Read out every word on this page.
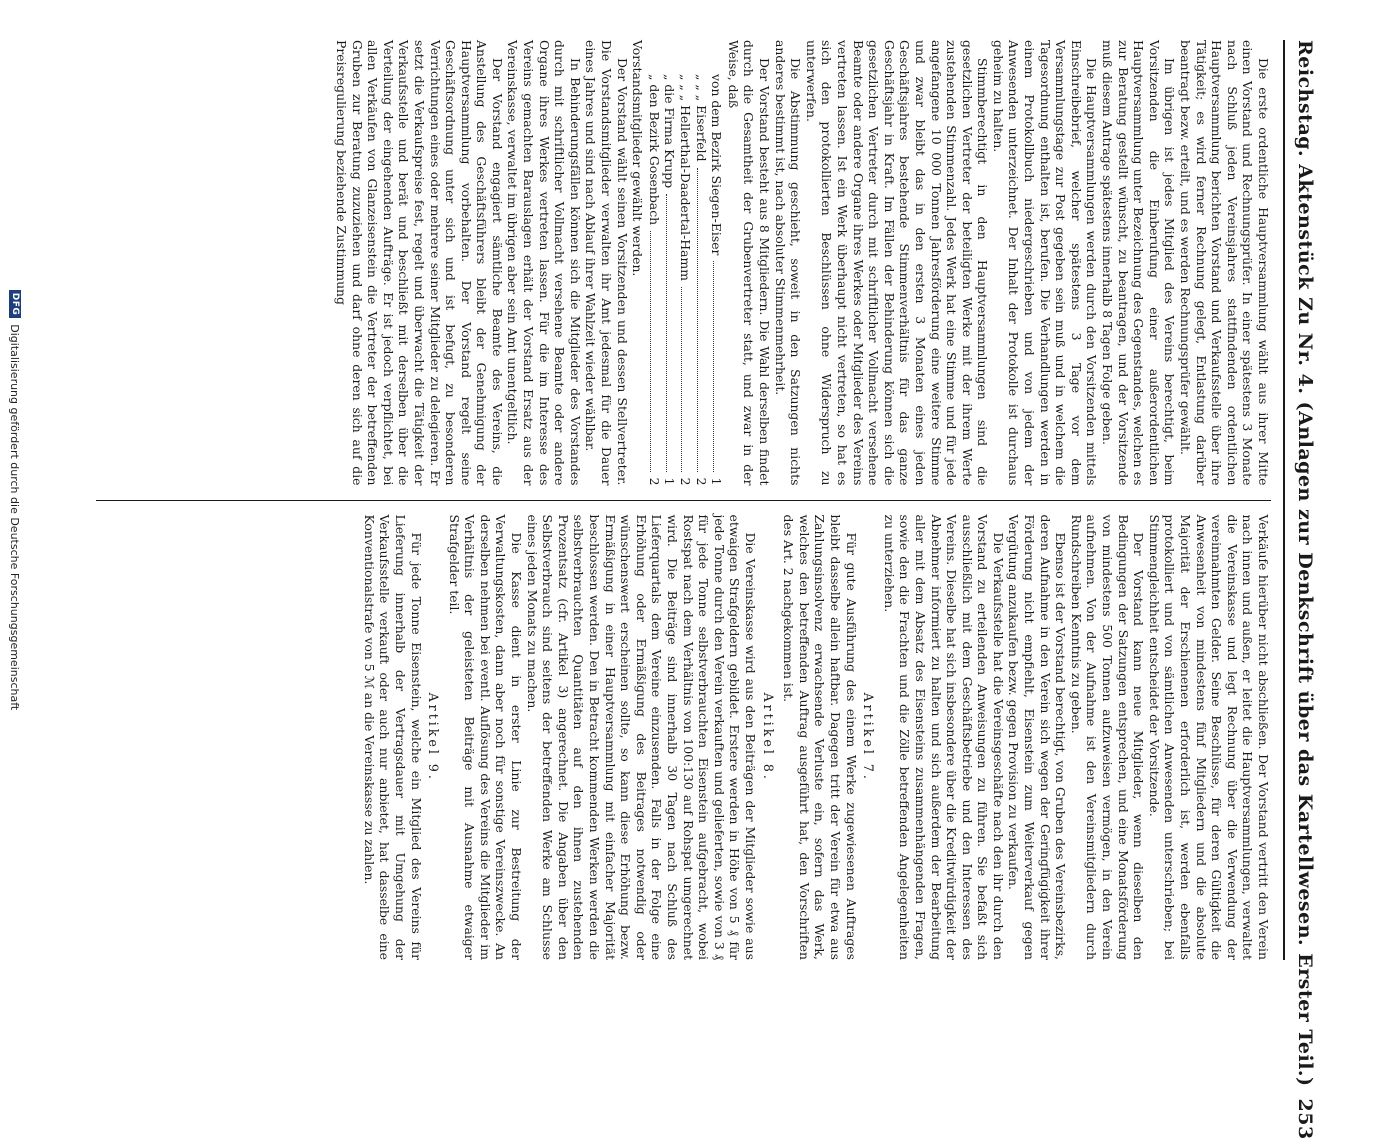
Reichstag. Aktenstück Zu Nr. 4. (Anlagen zur Denkschrift über das Kartellwesen. Erster Teil.)
253

Die erste ordentliche Hauptversammlung wählt aus ihrer Mitte einen Vorstand und Rechnungsprüfer. In einer spätestens 3 Monate nach Schluß jeden Vereinsjahres stattfindenden ordentlichen Hauptversammlung berichten Vorstand und Verkaufsstelle über ihre Tätigkeit; es wird ferner Rechnung gelegt, Entlastung darüber beantragt bezw. erteilt, und es werden Rechnungsprüfer gewählt.

Im übrigen ist jedes Mitglied des Vereins berechtigt, beim Vorsitzenden die Einberufung einer außerordentlichen Hauptversammlung unter Bezeichnung des Gegenstandes, welchen es zur Beratung gestellt wünscht, zu beantragen, und der Vorsitzende muß diesem Antrage spätestens innerhalb 8 Tagen Folge geben.

Die Hauptversammlungen werden durch den Vorsitzenden mittels Einschreibebrief, welcher spätestens 3 Tage vor dem Versammlungstage zur Post gegeben sein muß und in welchem die Tagesordnung enthalten ist, berufen. Die Verhandlungen werden in einem Protokollbuch niedergeschrieben und von jedem der Anwesenden unterzeichnet. Der Inhalt der Protokolle ist durchaus geheim zu halten.

Stimmberechtigt in den Hauptversammlungen sind die gesetzlichen Vertreter der beteiligten Werke mit der ihrem Werte zustehenden Stimmenzahl. Jedes Werk hat eine Stimme und für jede angefangene 10 000 Tonnen Jahresförderung eine weitere Stimme und zwar bleibt das in den ersten 3 Monaten eines jeden Geschäftsjahres bestehende Stimmenverhältnis für das ganze Geschäftsjahr in Kraft. Im Fällen der Behinderung können sich die gesetzlichen Vertreter durch mit schriftlicher Vollmacht versehene Beamte oder andere Organe ihres Werkes oder Mitglieder des Vereins vertreten lassen. Ist ein Werk überhaupt nicht vertreten, so hat es sich den protokollierten Beschlüssen ohne Widerspruch zu unterwerfen.

Die Abstimmung geschieht, soweit in den Satzungen nichts anderes bestimmt ist, nach absoluter Stimmenmehrheit.

Der Vorstand besteht aus 8 Mitgliedern. Die Wahl derselben findet durch die Gesamtheit der Grubenvertreter statt, und zwar in der Weise, daß

von dem Bezirk Siegen-Eiser
1
„ „ „ Eiserfeld
2
„ „ „ Hellerthal-Daadertal-Hamm
2
„ die Firma Krupp
1
„ den Bezirk Gosenbach
2

Vorstandsmitglieder gewählt werden.

Der Vorstand wählt seinen Vorsitzenden und dessen Stellvertreter. Die Vorstandsmitglieder verwalten ihr Amt jedesmal für die Dauer eines Jahres und sind nach Ablauf ihrer Wahlzeit wieder wählbar.

In Behinderungsfällen können sich die Mitglieder des Vorstandes durch mit schriftlicher Vollmacht versehene Beamte oder andere Organe ihres Werkes vertreten lassen. Für die im Interesse des Vereins gemachten Barauslagen erhält der Vorstand Ersatz aus der Vereinskasse, verwaltet im übrigen aber sein Amt unentgeltlich.

Der Vorstand engagiert sämtliche Beamte des Vereins, die Anstellung des Geschäftsführers bleibt der Genehmigung der Hauptversammlung vorbehalten. Der Vorstand regelt seine Geschäftsordnung unter sich und ist befugt, zu besonderen Verrichtungen eines oder mehrere seiner Mitglieder zu delegieren. Er setzt die Verkaufspreise fest, regelt und überwacht die Tätigkeit der Verkaufsstelle und berät und beschließt mit derselben über die Verteilung der eingehenden Aufträge. Er ist jedoch verpflichtet, bei allen Verkäufen von Glanzeisenstein die Vertreter der betreffenden Gruben zur Beratung zuzuziehen und darf ohne deren sich auf die Preisregulierung beziehende Zustimmung

Verkäufe hierüber nicht abschließen. Der Vorstand vertritt den Verein nach innen und außen, er leitet die Hauptversammlungen, verwaltet die Vereinskasse und legt Rechnung über die Verwendung der vereinnahmten Gelder. Seine Beschlüsse, für deren Gültigkeit die Anwesenheit von mindestens fünf Mitgliedern und die absolute Majorität der Erschienenen erforderlich ist, werden ebenfalls protokolliert und von sämtlichen Anwesenden unterschrieben; bei Stimmengleichheit entscheidet der Vorsitzende.

Der Vorstand kann neue Mitglieder, wenn dieselben den Bedingungen der Satzungen entsprechen, und eine Monatsförderung von mindestens 500 Tonnen aufzuweisen vermögen, in den Verein aufnehmen. Von der Aufnahme ist den Vereinsmitgliedern durch Rundschreiben Kenntnis zu geben.

Ebenso ist der Vorstand berechtigt, von Gruben des Vereinsbezirks, deren Aufnahme in den Verein sich wegen der Geringfügigkeit ihrer Förderung nicht empfiehlt, Eisenstein zum Weiterverkauf gegen Vergütung anzukaufen bezw. gegen Provision zu verkaufen.

Die Verkaufsstelle hat die Vereinsgeschäfte nach den ihr durch den Vorstand zu erteilenden Anweisungen zu führen. Sie befaßt sich ausschließlich mit dem Geschäftsbetriebe und den Interessen des Vereins. Dieselbe hat sich insbesondere über die Kreditwürdigkeit der Abnehmer informiert zu halten und sich außerdem der Bearbeitung aller mit dem Absatz des Eisensteins zusammenhängenden Fragen, sowie den die Frachten und die Zölle betreffenden Angelegenheiten zu unterziehen.

Artikel 7.

Für gute Ausführung des einem Werke zugewiesenen Auftrages bleibt dasselbe allein haftbar. Dagegen tritt der Verein für etwa aus Zahlungsinsolvenz erwachsende Verluste ein, sofern das Werk, welches den betreffenden Auftrag ausgeführt hat, den Vorschriften des Art. 2 nachgekommen ist.

Artikel 8.

Die Vereinskasse wird aus den Beiträgen der Mitglieder sowie aus etwaigen Strafgeldern gebildet. Erstere werden in Höhe von 5 ₰ für jede Tonne durch den Verein verkauften und gelieferten, sowie von 3 ₰ für jede Tonne selbstverbrauchten Eisenstein aufgebracht, wobei Rostspat nach dem Verhältnis von 100:130 auf Rohspat umgerechnet wird. Die Beiträge sind innerhalb 30 Tagen nach Schluß des Lieferquartals dem Vereine einzusenden. Falls in der Folge eine Erhöhung oder Ermäßigung des Beitrages notwendig oder wünschenswert erscheinen sollte, so kann diese Erhöhung bezw. Ermäßigung in einer Hauptversammlung mit einfacher Majorität beschlossen werden. Den in Betracht kommenden Werken werden die selbstverbrauchten Quantitäten auf den ihnen zustehenden Prozentsatz (cfr. Artikel 3) angerechnet. Die Angaben über den Selbstverbrauch sind seitens der betreffenden Werke am Schlusse eines jeden Monats zu machen.

Die Kasse dient in erster Linie zur Bestreitung der Verwaltungskosten, dann aber noch für sonstige Vereinszwecke. An derselben nehmen bei eventl. Auflösung des Vereins die Mitglieder im Verhältnis der geleisteten Beiträge mit Ausnahme etwaiger Strafgelder teil.

Artikel 9.

Für jede Tonne Eisenstein, welche ein Mitglied des Vereins für Lieferung innerhalb der Vertragsdauer mit Umgehung der Verkaufsstelle verkauft oder auch nur anbietet, hat dasselbe eine Konventionalstrafe von 5 ℳ an die Vereinskasse zu zahlen.

DFG
Digitalisierung gefördert durch die Deutsche Forschungsgemeinschaft
